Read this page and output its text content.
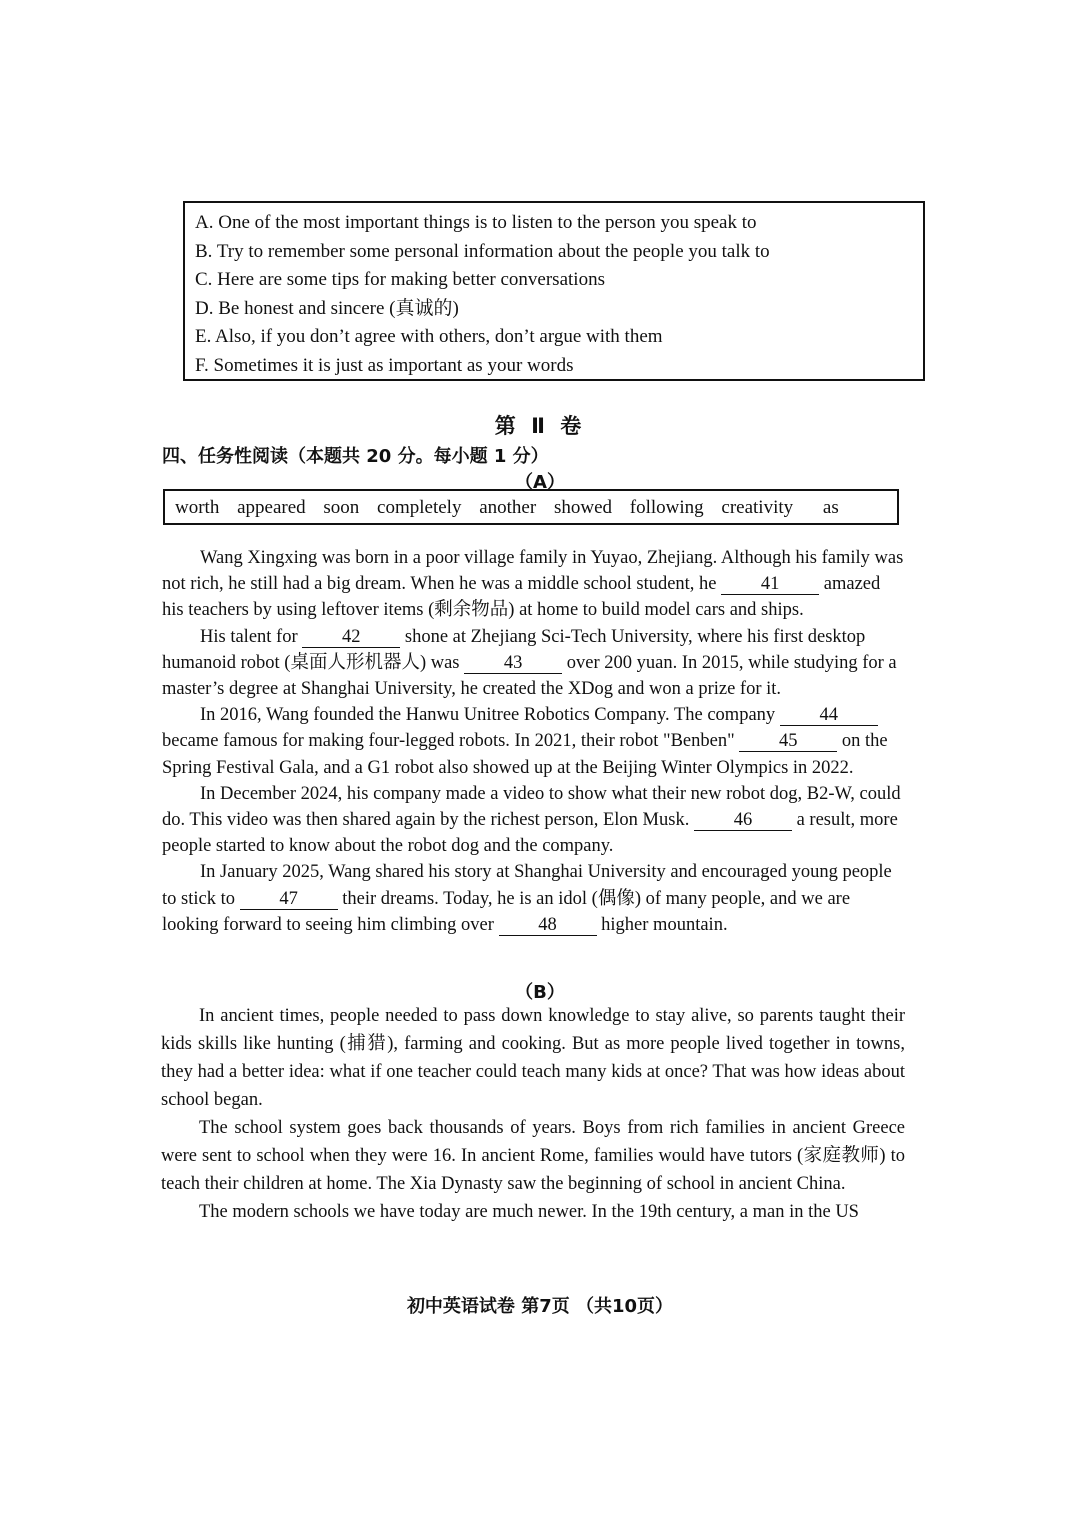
A. One of the most important things is to listen to the person you speak to
B. Try to remember some personal information about the people you talk to
C. Here are some tips for making better conversations
D. Be honest and sincere (真诚的)
E. Also, if you don’t agree with others, don’t argue with them
F. Sometimes it is just as important as your words
第 Ⅱ 卷
四、任务性阅读（本题共 20 分。每小题 1 分）
（A）
worth appeared soon completely another showed following creativity as

Wang Xingxing was born in a poor village family in Yuyao, Zhejiang. Although his family was not rich, he still had a big dream. When he was a middle school student, he 41 amazed his teachers by using leftover items (剩余物品) at home to build model cars and ships.

His talent for 42 shone at Zhejiang Sci-Tech University, where his first desktop humanoid robot (桌面人形机器人) was 43 over 200 yuan. In 2015, while studying for a master’s degree at Shanghai University, he created the XDog and won a prize for it.

In 2016, Wang founded the Hanwu Unitree Robotics Company. The company 44 became famous for making four-legged robots. In 2021, their robot "Benben" 45 on the Spring Festival Gala, and a G1 robot also showed up at the Beijing Winter Olympics in 2022.

In December 2024, his company made a video to show what their new robot dog, B2-W, could do. This video was then shared again by the richest person, Elon Musk. 46 a result, more people started to know about the robot dog and the company.

In January 2025, Wang shared his story at Shanghai University and encouraged young people to stick to 47 their dreams. Today, he is an idol (偶像) of many people, and we are looking forward to seeing him climbing over 48 higher mountain.

（B）

In ancient times, people needed to pass down knowledge to stay alive, so parents taught their kids skills like hunting (捕猎), farming and cooking. But as more people lived together in towns, they had a better idea: what if one teacher could teach many kids at once? That was how ideas about school began.

The school system goes back thousands of years. Boys from rich families in ancient Greece were sent to school when they were 16. In ancient Rome, families would have tutors (家庭教师) to teach their children at home. The Xia Dynasty saw the beginning of school in ancient China.

The modern schools we have today are much newer. In the 19th century, a man in the US

初中英语试卷 第7页 （共10页）
